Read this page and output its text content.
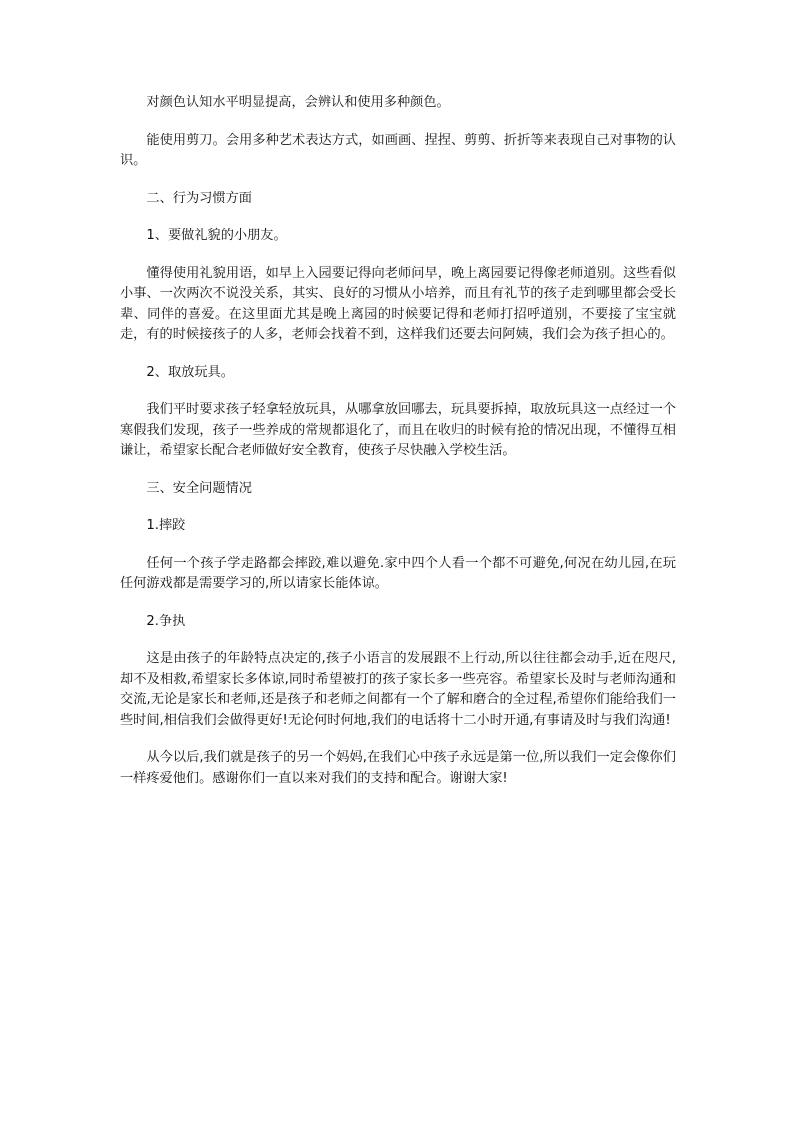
对颜色认知水平明显提高，会辨认和使用多种颜色。

能使用剪刀。会用多种艺术表达方式，如画画、捏捏、剪剪、折折等来表现自己对事物的认识。

二、行为习惯方面

1、要做礼貌的小朋友。

懂得使用礼貌用语，如早上入园要记得向老师问早，晚上离园要记得像老师道别。这些看似小事、一次两次不说没关系，其实、良好的习惯从小培养，而且有礼节的孩子走到哪里都会受长辈、同伴的喜爱。在这里面尤其是晚上离园的时候要记得和老师打招呼道别，不要接了宝宝就走，有的时候接孩子的人多，老师会找着不到，这样我们还要去问阿姨，我们会为孩子担心的。

2、取放玩具。

我们平时要求孩子轻拿轻放玩具，从哪拿放回哪去，玩具要拆掉，取放玩具这一点经过一个寒假我们发现，孩子一些养成的常规都退化了，而且在收归的时候有抢的情况出现，不懂得互相谦让，希望家长配合老师做好安全教育，使孩子尽快融入学校生活。

三、安全问题情况

1.摔跤

任何一个孩子学走路都会摔跤,难以避免.家中四个人看一个都不可避免,何况在幼儿园,在玩任何游戏都是需要学习的,所以请家长能体谅。

2.争执

这是由孩子的年龄特点决定的,孩子小语言的发展跟不上行动,所以往往都会动手,近在咫尺,却不及相救,希望家长多体谅,同时希望被打的孩子家长多一些亮容。希望家长及时与老师沟通和交流,无论是家长和老师,还是孩子和老师之间都有一个了解和磨合的全过程,希望你们能给我们一些时间,相信我们会做得更好!无论何时何地,我们的电话将十二小时开通,有事请及时与我们沟通!

从今以后,我们就是孩子的另一个妈妈,在我们心中孩子永远是第一位,所以我们一定会像你们一样疼爱他们。感谢你们一直以来对我们的支持和配合。谢谢大家!
